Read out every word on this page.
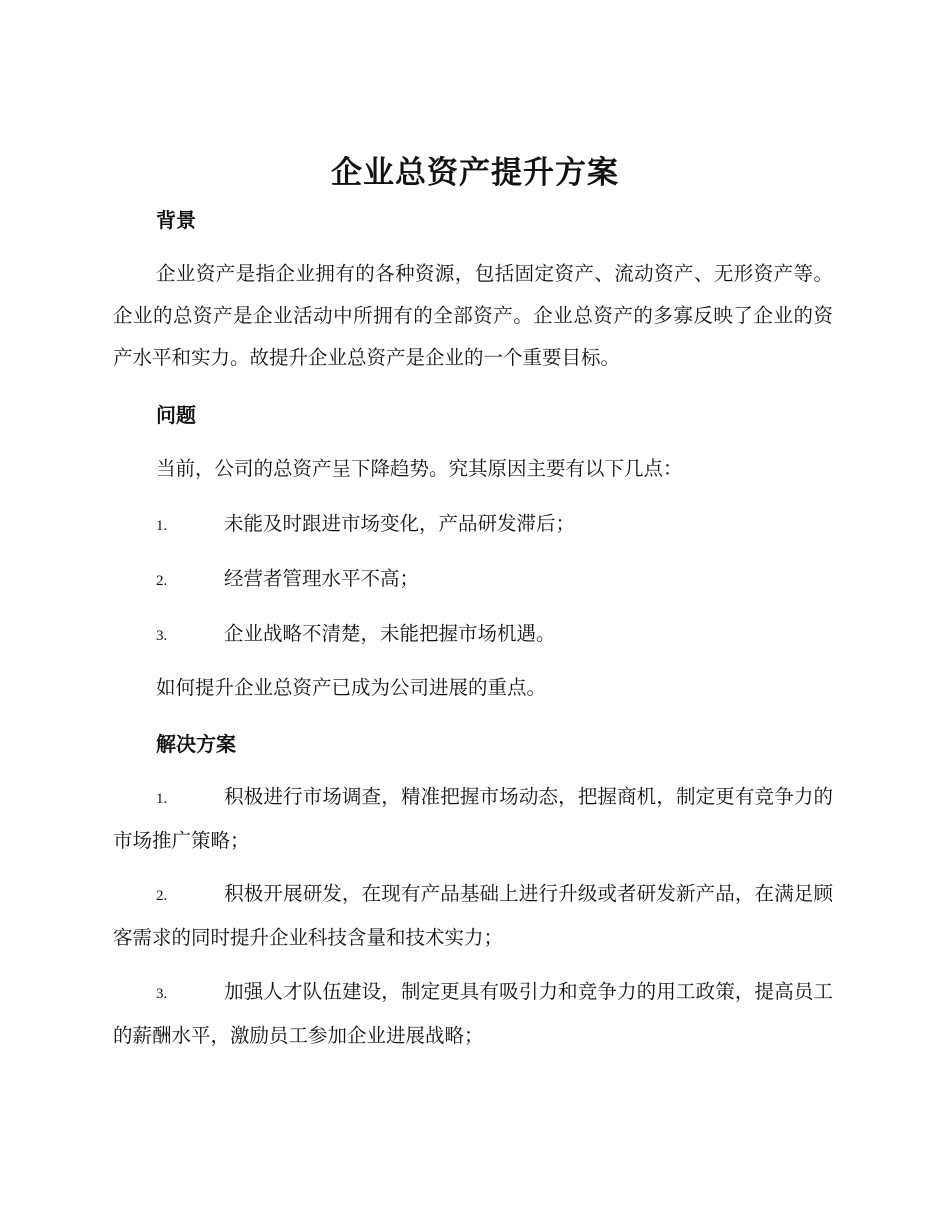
企业总资产提升方案
背景
企业资产是指企业拥有的各种资源，包括固定资产、流动资产、无形资产等。企业的总资产是企业活动中所拥有的全部资产。企业总资产的多寡反映了企业的资产水平和实力。故提升企业总资产是企业的一个重要目标。
问题
当前，公司的总资产呈下降趋势。究其原因主要有以下几点：
1.	未能及时跟进市场变化，产品研发滞后；
2.	经营者管理水平不高；
3.	企业战略不清楚，未能把握市场机遇。
如何提升企业总资产已成为公司进展的重点。
解决方案
1.	积极进行市场调查，精准把握市场动态，把握商机，制定更有竞争力的市场推广策略；
2.	积极开展研发，在现有产品基础上进行升级或者研发新产品，在满足顾客需求的同时提升企业科技含量和技术实力；
3.	加强人才队伍建设，制定更具有吸引力和竞争力的用工政策，提高员工的薪酬水平，激励员工参加企业进展战略；
